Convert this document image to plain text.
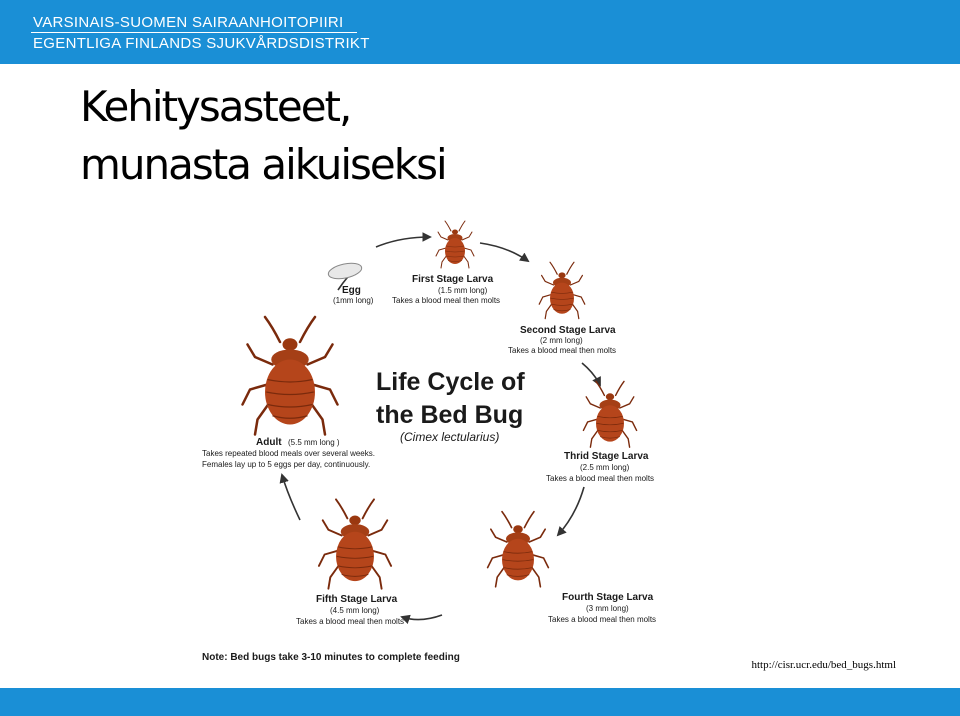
VARSINAIS-SUOMEN SAIRAANHOITOPIIRI
EGENTLIGA FINLANDS SJUKVÅRDSDISTRIKT
Kehitysasteet,
munasta aikuiseksi
Life Cycle of
the Bed Bug
(Cimex lectularius)
Egg
(1mm long)
First Stage Larva
(1.5 mm long)
Takes a blood meal then molts
Second Stage Larva
(2 mm long)
Takes a blood meal then molts
Thrid Stage Larva
(2.5 mm long)
Takes a blood meal then molts
Fourth Stage Larva
(3 mm long)
Takes a blood meal then molts
Fifth Stage Larva
(4.5 mm long)
Takes a blood meal then molts
Adult (5.5 mm long )
Takes repeated blood meals over several weeks.
Females lay up to 5 eggs per day, continuously.
Note: Bed bugs take 3-10 minutes to complete feeding
http://cisr.ucr.edu/bed_bugs.html
